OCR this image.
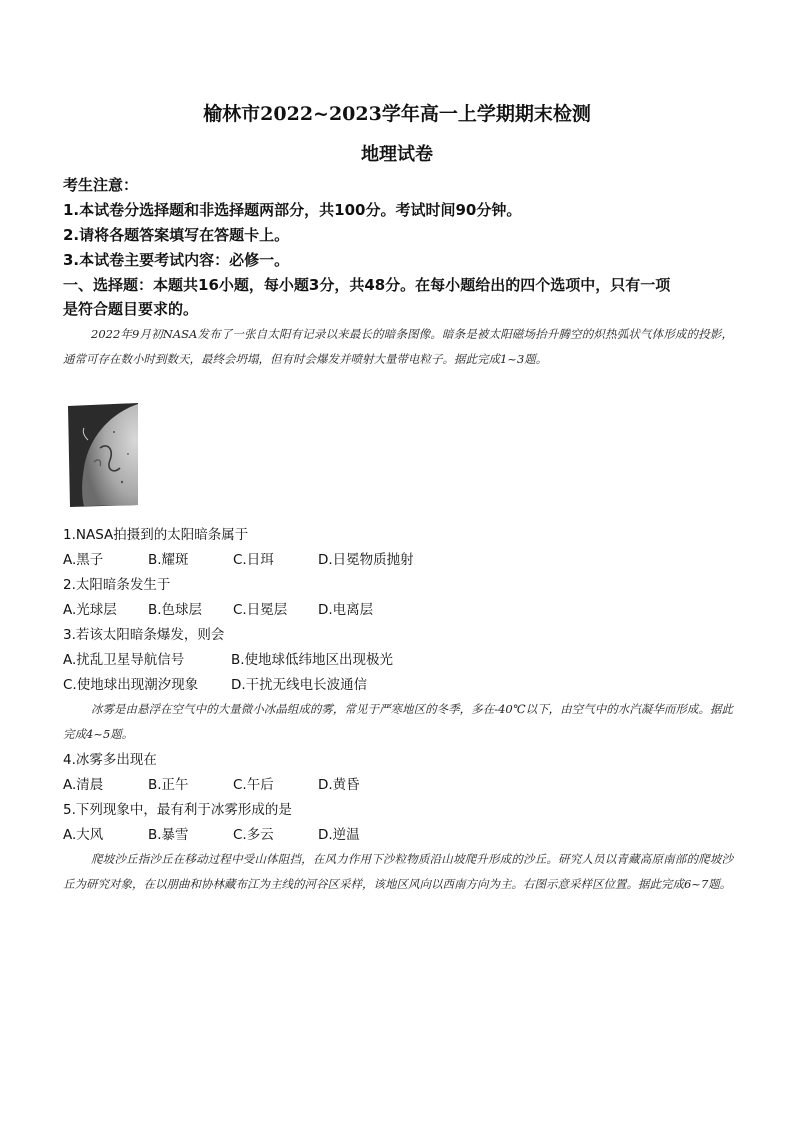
榆林市2022~2023学年高一上学期期末检测
地理试卷
考生注意：
1.本试卷分选择题和非选择题两部分，共100分。考试时间90分钟。
2.请将各题答案填写在答题卡上。
3.本试卷主要考试内容：必修一。
一、选择题：本题共16小题，每小题3分，共48分。在每小题给出的四个选项中，只有一项
是符合题目要求的。
2022年9月初NASA发布了一张自太阳有记录以来最长的暗条图像。暗条是被太阳磁场抬升腾空的炽热弧状气体形成的投影，通常可存在数小时到数天，最终会坍塌，但有时会爆发并喷射大量带电粒子。据此完成1~3题。
1.NASA拍摄到的太阳暗条属于
A.黑子	B.耀斑	C.日珥	D.日冕物质抛射
2.太阳暗条发生于
A.光球层	B.色球层	C.日冕层	D.电离层
3.若该太阳暗条爆发，则会
A.扰乱卫星导航信号	B.使地球低纬地区出现极光
C.使地球出现潮汐现象	D.干扰无线电长波通信
冰雾是由悬浮在空气中的大量微小冰晶组成的雾，常见于严寒地区的冬季，多在-40℃以下，由空气中的水汽凝华而形成。据此完成4~5题。
4.冰雾多出现在
A.清晨	B.正午	C.午后	D.黄昏
5.下列现象中，最有利于冰雾形成的是
A.大风	B.暴雪	C.多云	D.逆温
爬坡沙丘指沙丘在移动过程中受山体阻挡，在风力作用下沙粒物质沿山坡爬升形成的沙丘。研究人员以青藏高原南部的爬坡沙丘为研究对象，在以朋曲和协林藏布江为主线的河谷区采样，该地区风向以西南方向为主。右图示意采样区位置。据此完成6~7题。
